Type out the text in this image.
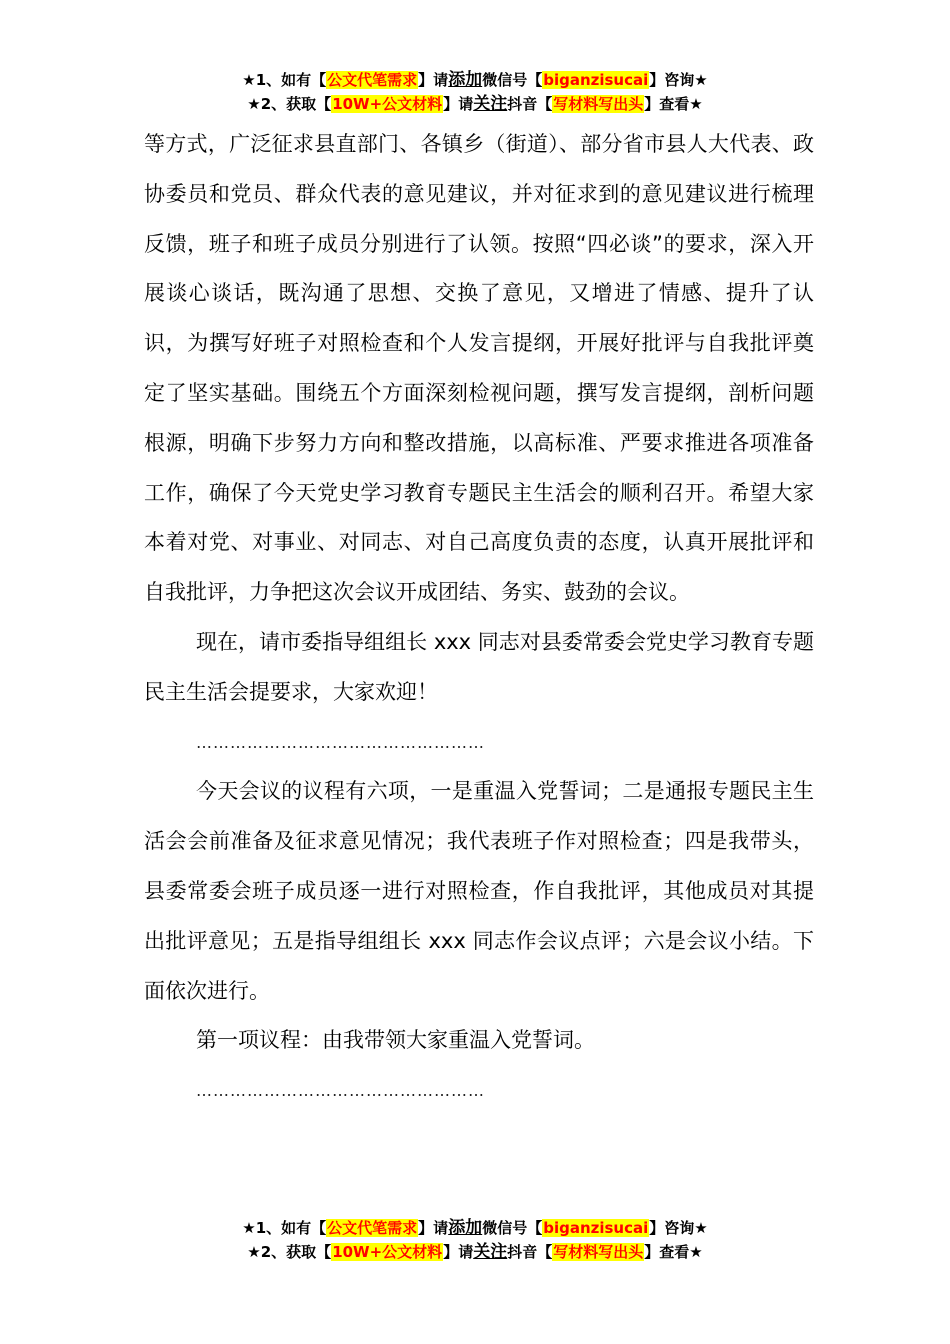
★1、如有【公文代笔需求】请添加微信号【biganzisucai】咨询★
★2、获取【10W+公文材料】请关注抖音【写材料写出头】查看★

等方式，广泛征求县直部门、各镇乡（街道）、部分省市县人大代表、政协委员和党员、群众代表的意见建议，并对征求到的意见建议进行梳理反馈，班子和班子成员分别进行了认领。按照“四必谈”的要求，深入开展谈心谈话，既沟通了思想、交换了意见，又增进了情感、提升了认识，为撰写好班子对照检查和个人发言提纲，开展好批评与自我批评奠定了坚实基础。围绕五个方面深刻检视问题，撰写发言提纲，剖析问题根源，明确下步努力方向和整改措施，以高标准、严要求推进各项准备工作，确保了今天党史学习教育专题民主生活会的顺利召开。希望大家本着对党、对事业、对同志、对自己高度负责的态度，认真开展批评和自我批评，力争把这次会议开成团结、务实、鼓劲的会议。

现在，请市委指导组组长 xxx 同志对县委常委会党史学习教育专题民主生活会提要求，大家欢迎！

……………………………………………

今天会议的议程有六项，一是重温入党誓词；二是通报专题民主生活会会前准备及征求意见情况；我代表班子作对照检查；四是我带头，县委常委会班子成员逐一进行对照检查，作自我批评，其他成员对其提出批评意见；五是指导组组长 xxx 同志作会议点评；六是会议小结。下面依次进行。

第一项议程：由我带领大家重温入党誓词。

……………………………………………

★1、如有【公文代笔需求】请添加微信号【biganzisucai】咨询★
★2、获取【10W+公文材料】请关注抖音【写材料写出头】查看★
